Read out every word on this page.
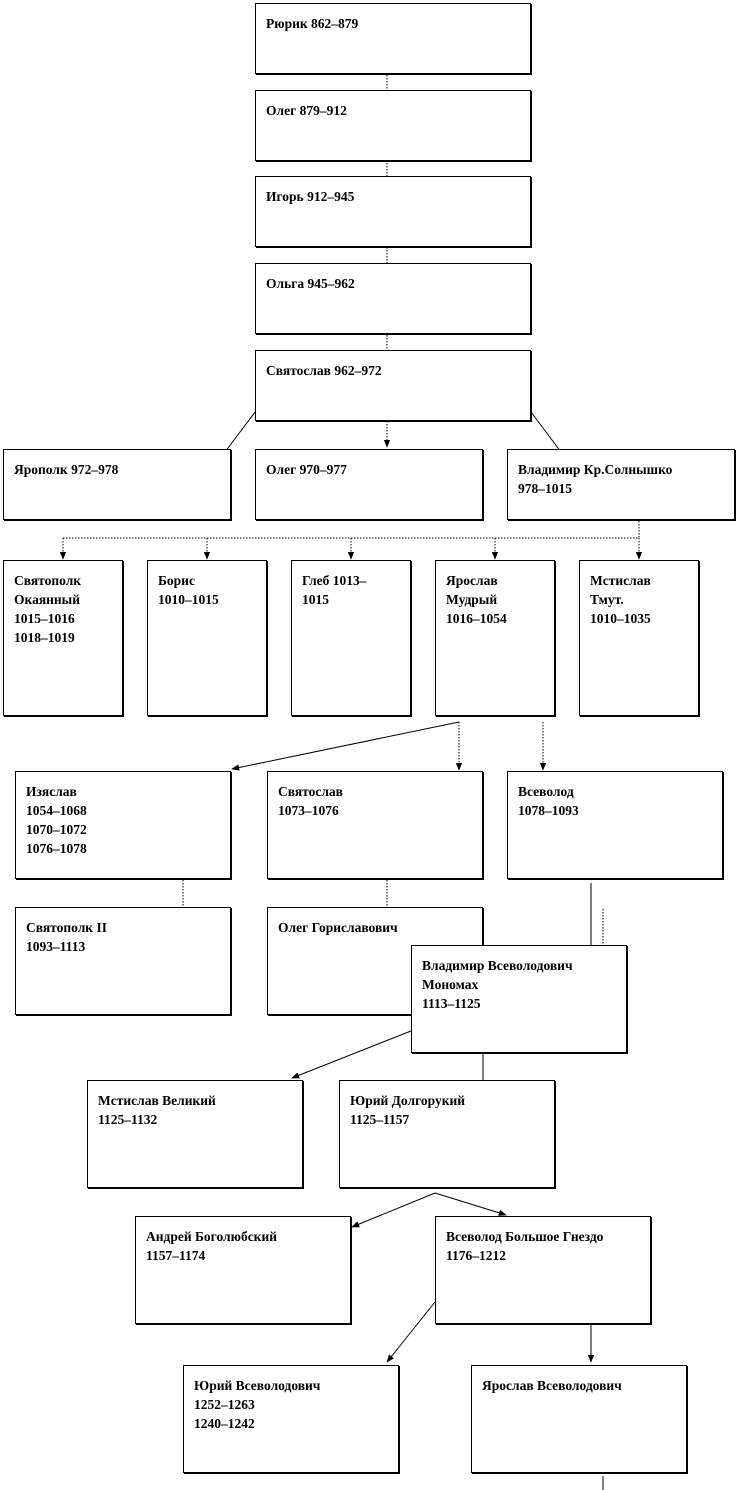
Рюрик 862–879
Олег 879–912
Игорь 912–945
Ольга 945–962
Святослав 962–972
Ярополк 972–978	Олег 970–977	Владимир Кр.Солнышко
978–1015
Святополк
Окаянный
1015–1016
1018–1019
Борис
1010–1015
Глеб 1013–
1015
Ярослав
Мудрый
1016–1054
Мстислав
Тмут.
1010–1035
Изяслав
1054–1068
1070–1072
1076–1078
Святослав
1073–1076
Всеволод
1078–1093
Святополк II
1093–1113
Олег Гориславович
Владимир Всеволодович
Мономах
1113–1125
Мстислав Великий
1125–1132
Юрий Долгорукий
1125–1157
Андрей Боголюбский
1157–1174
Всеволод Большое Гнездо
1176–1212
Юрий Всеволодович
1252–1263
1240–1242
Ярослав Всеволодович
